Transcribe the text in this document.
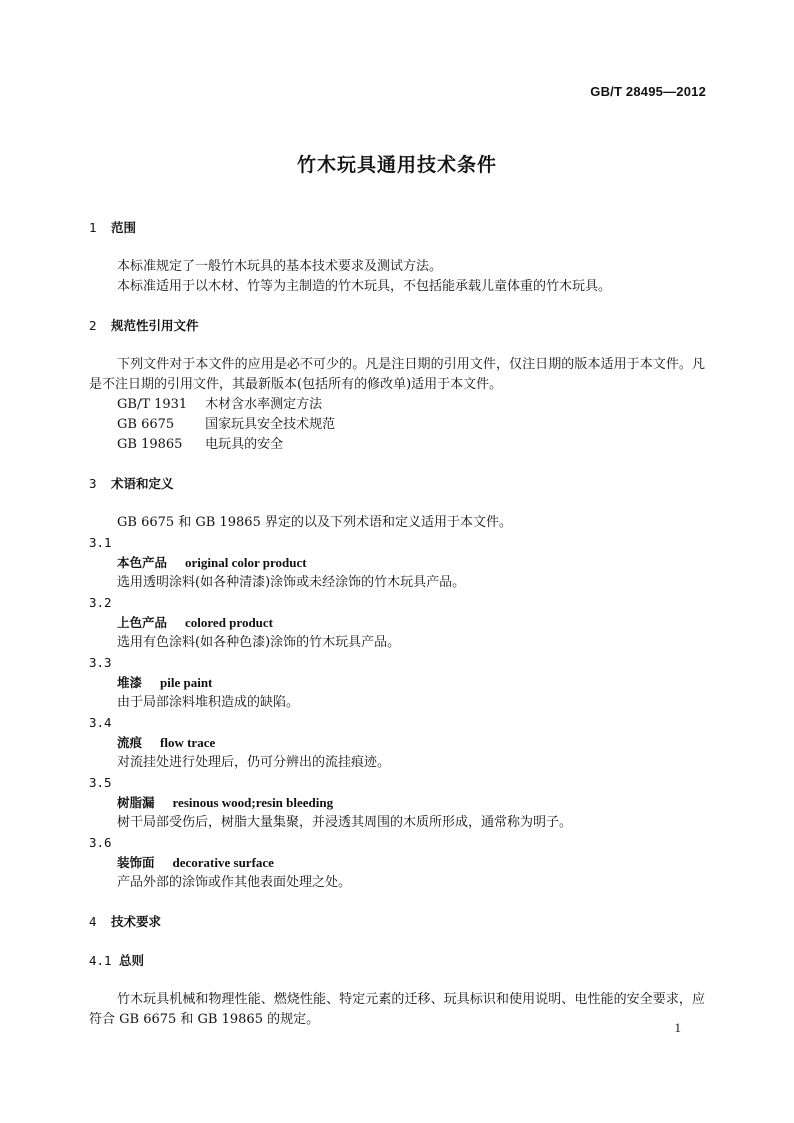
GB/T 28495—2012
竹木玩具通用技术条件

1 范围

本标准规定了一般竹木玩具的基本技术要求及测试方法。

本标准适用于以木材、竹等为主制造的竹木玩具，不包括能承载儿童体重的竹木玩具。

2 规范性引用文件

下列文件对于本文件的应用是必不可少的。凡是注日期的引用文件，仅注日期的版本适用于本文件。凡是不注日期的引用文件，其最新版本(包括所有的修改单)适用于本文件。

GB/T 1931 木材含水率测定方法

GB 6675 国家玩具安全技术规范

GB 19865 电玩具的安全

3 术语和定义

GB 6675 和 GB 19865 界定的以及下列术语和定义适用于本文件。

3.1

本色产品 original color product

选用透明涂料(如各种清漆)涂饰或未经涂饰的竹木玩具产品。

3.2

上色产品 colored product

选用有色涂料(如各种色漆)涂饰的竹木玩具产品。

3.3

堆漆 pile paint

由于局部涂料堆积造成的缺陷。

3.4

流痕 flow trace

对流挂处进行处理后，仍可分辨出的流挂痕迹。

3.5

树脂漏 resinous wood;resin bleeding

树干局部受伤后，树脂大量集聚，并浸透其周围的木质所形成，通常称为明子。

3.6

装饰面 decorative surface

产品外部的涂饰或作其他表面处理之处。

4 技术要求

4.1 总则

竹木玩具机械和物理性能、燃烧性能、特定元素的迁移、玩具标识和使用说明、电性能的安全要求，应符合 GB 6675 和 GB 19865 的规定。

1
